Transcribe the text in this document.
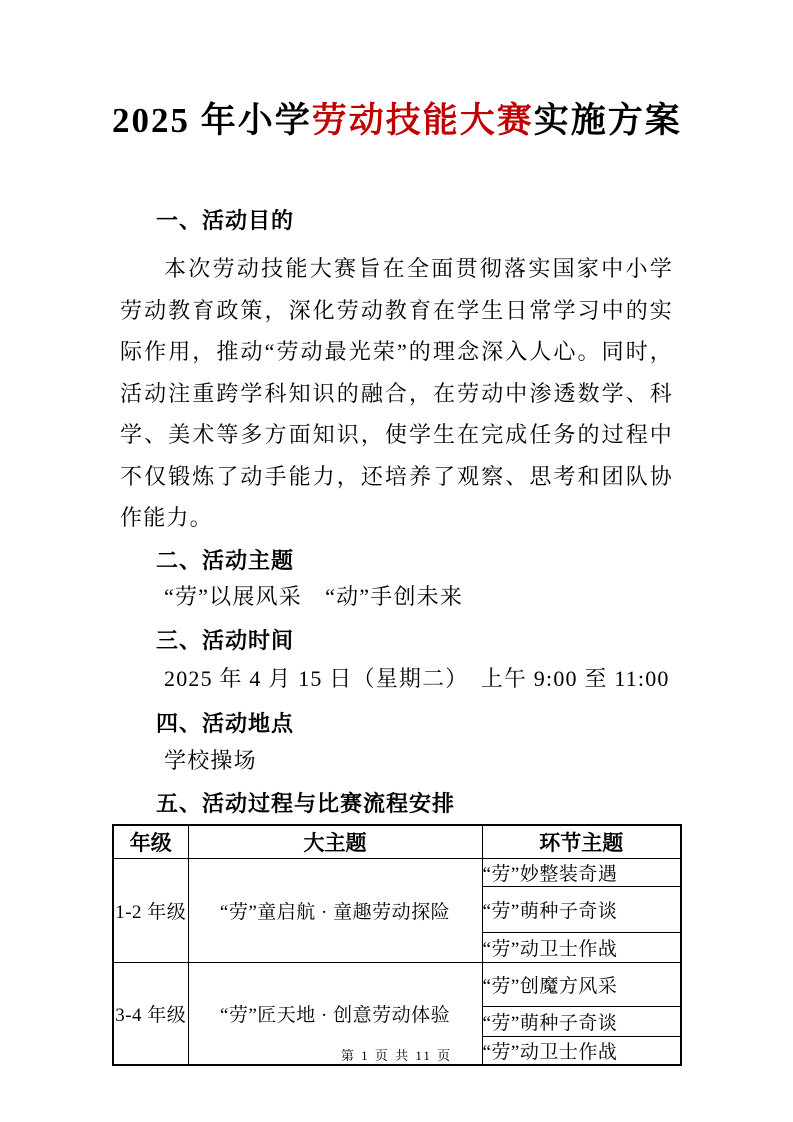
2025 年小学劳动技能大赛实施方案
一、活动目的
本次劳动技能大赛旨在全面贯彻落实国家中小学劳动教育政策，深化劳动教育在学生日常学习中的实际作用，推动“劳动最光荣”的理念深入人心。同时，活动注重跨学科知识的融合，在劳动中渗透数学、科学、美术等多方面知识，使学生在完成任务的过程中不仅锻炼了动手能力，还培养了观察、思考和团队协作能力。
二、活动主题
“劳”以展风采　“动”手创未来
三、活动时间
2025 年 4 月 15 日（星期二）　上午 9:00 至 11:00
四、活动地点
学校操场
五、活动过程与比赛流程安排
年级	大主题	环节主题
1-2 年级	“劳”童启航 · 童趣劳动探险	“劳”妙整装奇遇
		“劳”萌种子奇谈
		“劳”动卫士作战
3-4 年级	“劳”匠天地 · 创意劳动体验	“劳”创魔方风采
		“劳”萌种子奇谈
		“劳”动卫士作战
第 1 页 共 11 页
